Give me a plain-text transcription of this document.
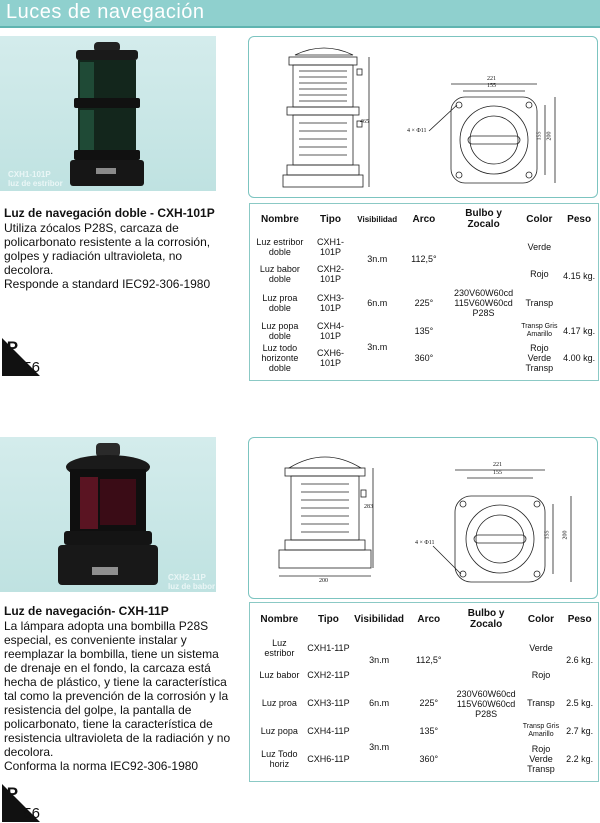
Luces de navegación
CXH1-101P
luz de estribor
465
221
155
155 200
4 × Φ11
Luz de navegación doble - CXH-101P
Utiliza zócalos P28S, carcaza de
policarbonato resistente a la corrosión,
golpes y radiación ultravioleta, no
decolora.
Responde a standard IEC92-306-1980
IP
56
Nombre	Tipo	Visibilidad	Arco	Bulbo y Zocalo	Color	Peso
Luz estribor doble	CXH1-101P	3n.m	112,5°	230V60W60cd 115V60W60cd P28S	Verde	4.15 kg.
Luz babor doble	CXH2-101P				Rojo	
Luz proa doble	CXH3-101P	6n.m	225°		Transp	
Luz popa doble	CXH4-101P	3n.m	135°		Transp Gris Amarillo	4.17 kg.
Luz todo horizonte doble	CXH6-101P		360°		Rojo Verde Transp	4.00 kg.
CXH2-11P
luz de babor
283
200
221
155
155 200
4 × Φ11
Luz de navegación- CXH-11P
La lámpara adopta una bombilla P28S
especial, es conveniente instalar y
reemplazar la bombilla, tiene un sistema
de drenaje en el fondo, la carcaza está
hecha de plástico, y tiene la característica
tal como la prevención de la corrosión y la
resistencia del golpe, la pantalla de
policarbonato, tiene la característica de
resistencia ultravioleta de la radiación y no
decolora.
Conforma la norma IEC92-306-1980
IP
56
Nombre	Tipo	Visibilidad	Arco	Bulbo y Zocalo	Color	Peso
Luz estribor	CXH1-11P	3n.m	112,5°	230V60W60cd 115V60W60cd P28S	Verde	2.6 kg.
Luz babor	CXH2-11P				Rojo	
Luz proa	CXH3-11P	6n.m	225°		Transp	2.5 kg.
Luz popa	CXH4-11P	3n.m	135°		Transp Gris Amarillo	2.7 kg.
Luz Todo horiz	CXH6-11P		360°		Rojo Verde Transp	2.2 kg.
